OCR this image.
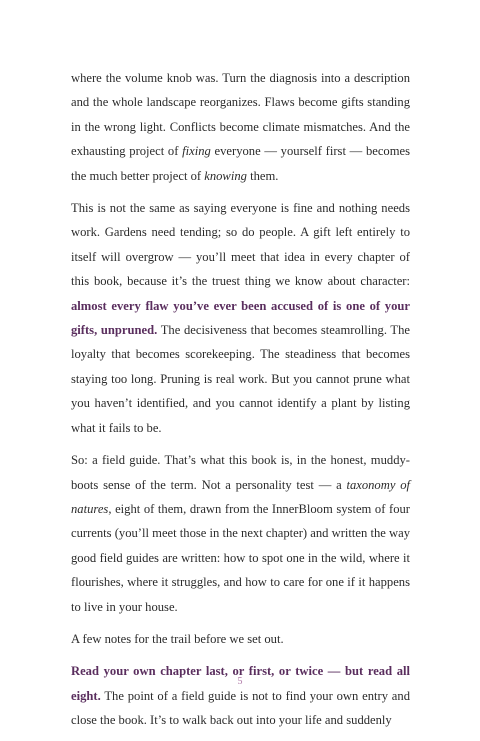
where the volume knob was. Turn the diagnosis into a description and the whole landscape reorganizes. Flaws become gifts standing in the wrong light. Conflicts become climate mismatches. And the exhausting project of fixing everyone — yourself first — becomes the much better project of knowing them.

This is not the same as saying everyone is fine and nothing needs work. Gardens need tending; so do people. A gift left entirely to itself will overgrow — you’ll meet that idea in every chapter of this book, because it’s the truest thing we know about character: almost every flaw you’ve ever been accused of is one of your gifts, unpruned. The decisiveness that becomes steamrolling. The loyalty that becomes scorekeeping. The steadiness that becomes staying too long. Pruning is real work. But you cannot prune what you haven’t identified, and you cannot identify a plant by listing what it fails to be.

So: a field guide. That’s what this book is, in the honest, muddy-boots sense of the term. Not a personality test — a taxonomy of natures, eight of them, drawn from the InnerBloom system of four currents (you’ll meet those in the next chapter) and written the way good field guides are written: how to spot one in the wild, where it flourishes, where it struggles, and how to care for one if it happens to live in your house.

A few notes for the trail before we set out.

Read your own chapter last, or first, or twice — but read all eight. The point of a field guide is not to find your own entry and close the book. It’s to walk back out into your life and suddenly

5
